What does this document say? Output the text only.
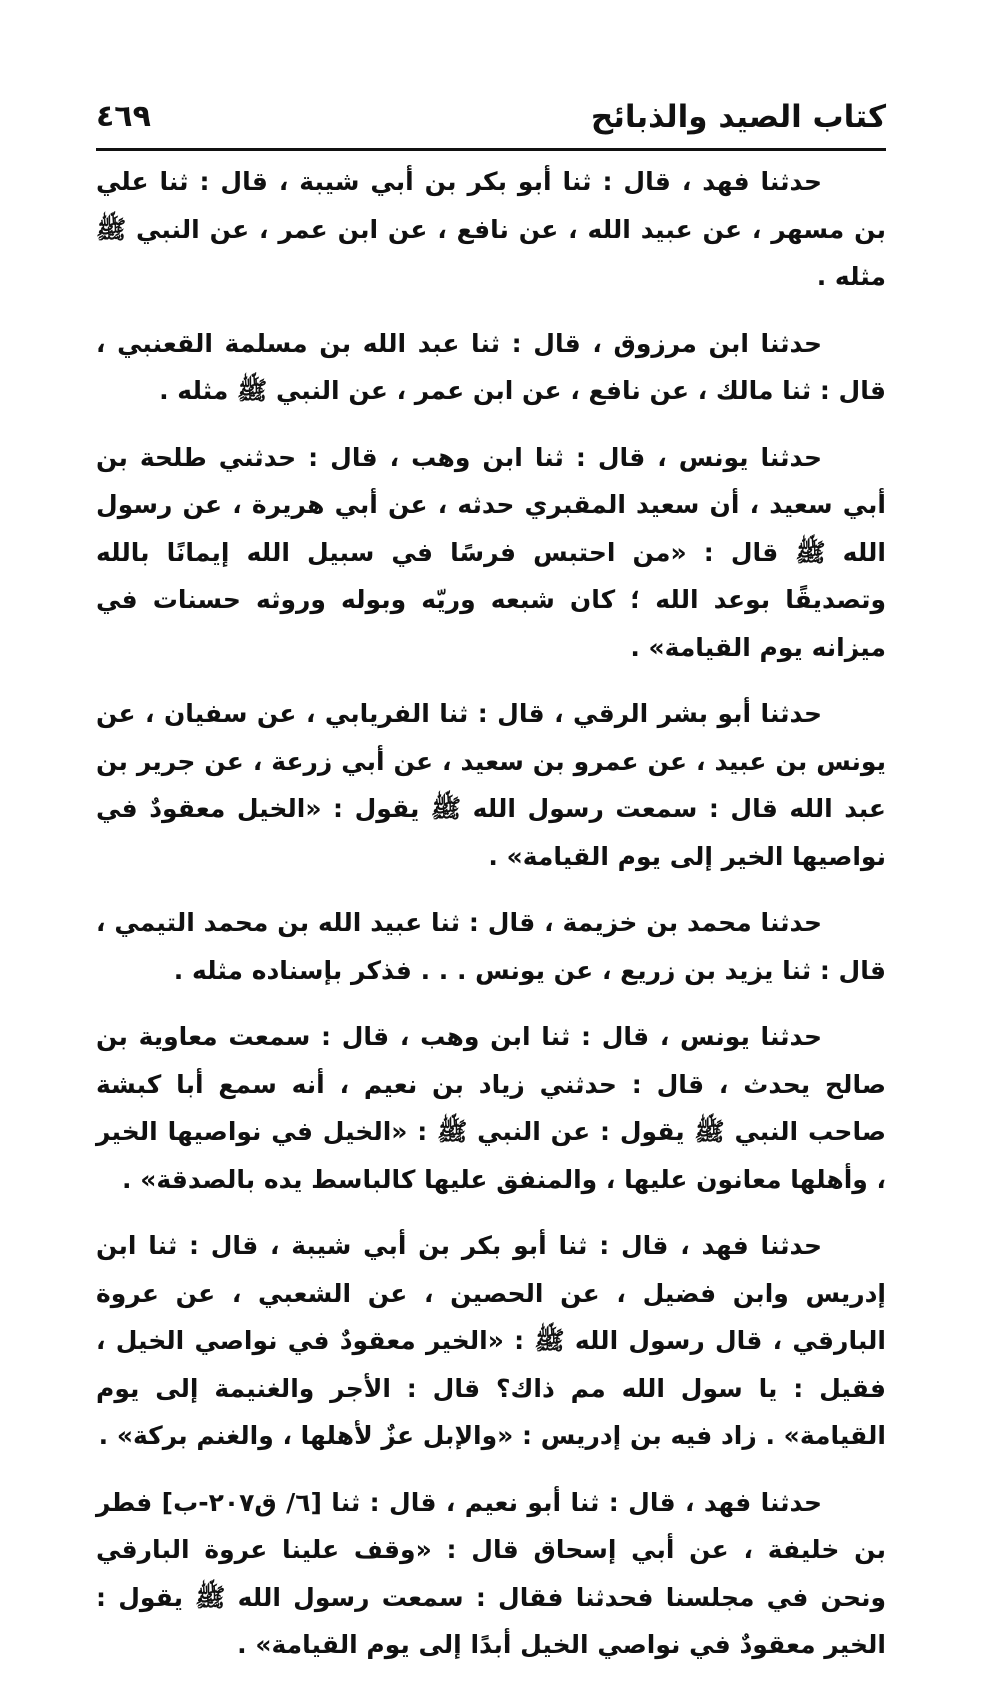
كتاب الصيد والذبائح
٤٦٩

حدثنا فهد ، قال : ثنا أبو بكر بن أبي شيبة ، قال : ثنا علي بن مسهر ، عن عبيد الله ، عن نافع ، عن ابن عمر ، عن النبي ﷺ مثله .

حدثنا ابن مرزوق ، قال : ثنا عبد الله بن مسلمة القعنبي ، قال : ثنا مالك ، عن نافع ، عن ابن عمر ، عن النبي ﷺ مثله .

حدثنا يونس ، قال : ثنا ابن وهب ، قال : حدثني طلحة بن أبي سعيد ، أن سعيد المقبري حدثه ، عن أبي هريرة ، عن رسول الله ﷺ قال : «من احتبس فرسًا في سبيل الله إيمانًا بالله وتصديقًا بوعد الله ؛ كان شبعه وريّه وبوله وروثه حسنات في ميزانه يوم القيامة» .

حدثنا أبو بشر الرقي ، قال : ثنا الفريابي ، عن سفيان ، عن يونس بن عبيد ، عن عمرو بن سعيد ، عن أبي زرعة ، عن جرير بن عبد الله قال : سمعت رسول الله ﷺ يقول : «الخيل معقودٌ في نواصيها الخير إلى يوم القيامة» .

حدثنا محمد بن خزيمة ، قال : ثنا عبيد الله بن محمد التيمي ، قال : ثنا يزيد بن زريع ، عن يونس . . . فذكر بإسناده مثله .

حدثنا يونس ، قال : ثنا ابن وهب ، قال : سمعت معاوية بن صالح يحدث ، قال : حدثني زياد بن نعيم ، أنه سمع أبا كبشة صاحب النبي ﷺ يقول : عن النبي ﷺ : «الخيل في نواصيها الخير ، وأهلها معانون عليها ، والمنفق عليها كالباسط يده بالصدقة» .

حدثنا فهد ، قال : ثنا أبو بكر بن أبي شيبة ، قال : ثنا ابن إدريس وابن فضيل ، عن الحصين ، عن الشعبي ، عن عروة البارقي ، قال رسول الله ﷺ : «الخير معقودٌ في نواصي الخيل ، فقيل : يا سول الله مم ذاك؟ قال : الأجر والغنيمة إلى يوم القيامة» . زاد فيه بن إدريس : «والإبل عزٌ لأهلها ، والغنم بركة» .

حدثنا فهد ، قال : ثنا أبو نعيم ، قال : ثنا [٦/ ق٢٠٧-ب] فطر بن خليفة ، عن أبي إسحاق قال : «وقف علينا عروة البارقي ونحن في مجلسنا فحدثنا فقال : سمعت رسول الله ﷺ يقول : الخير معقودٌ في نواصي الخيل أبدًا إلى يوم القيامة» .
